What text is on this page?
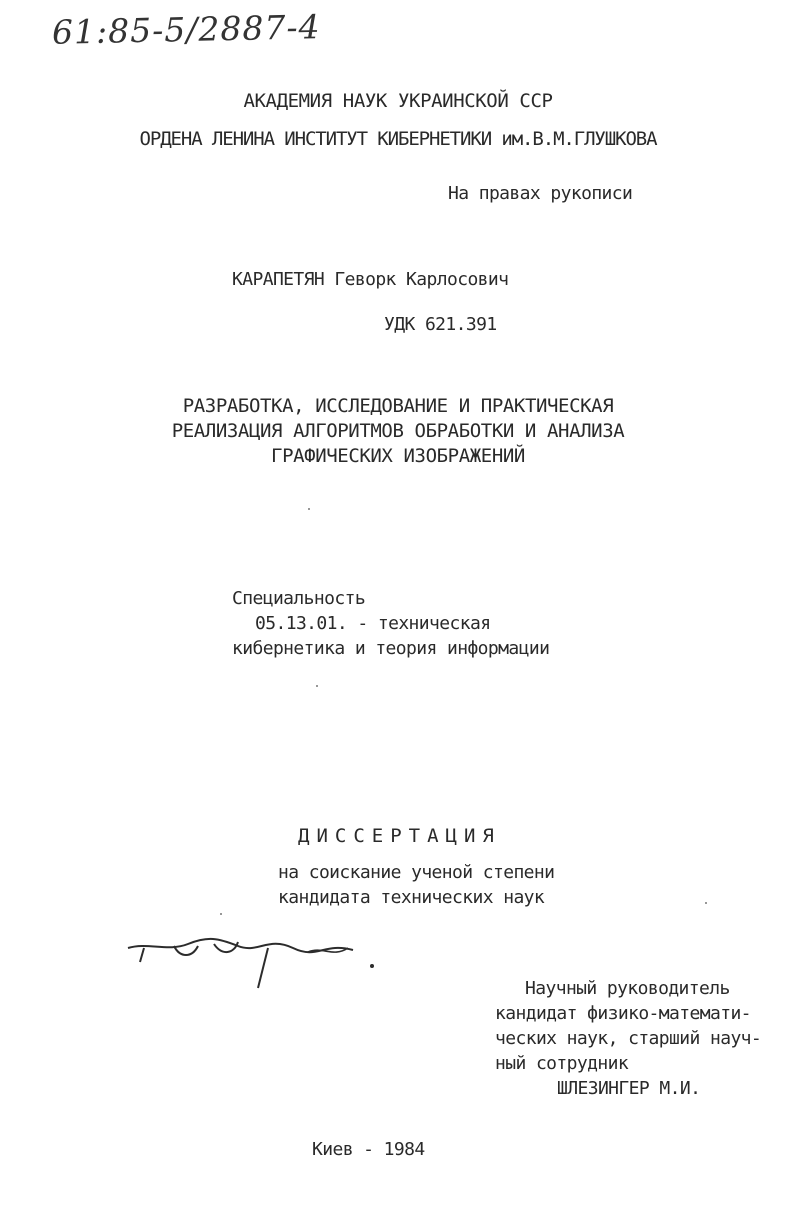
61:85-5/2887-4
АКАДЕМИЯ НАУК УКРАИНСКОЙ ССР
ОРДЕНА ЛЕНИНА ИНСТИТУТ КИБЕРНЕТИКИ им.В.М.ГЛУШКОВА
На правах рукописи
КАРАПЕТЯН Геворк Карлосович
УДК 621.391
РАЗРАБОТКА, ИССЛЕДОВАНИЕ И ПРАКТИЧЕСКАЯ
РЕАЛИЗАЦИЯ АЛГОРИТМОВ ОБРАБОТКИ И АНАЛИЗА
ГРАФИЧЕСКИХ ИЗОБРАЖЕНИЙ
Специальность
05.13.01. - техническая
кибернетика и теория информации
ДИССЕРТАЦИЯ
на соискание ученой степени
кандидата технических наук
Научный руководитель
кандидат физико-математи-
ческих наук, старший науч-
ный сотрудник
ШЛЕЗИНГЕР М.И.
Киев - 1984
